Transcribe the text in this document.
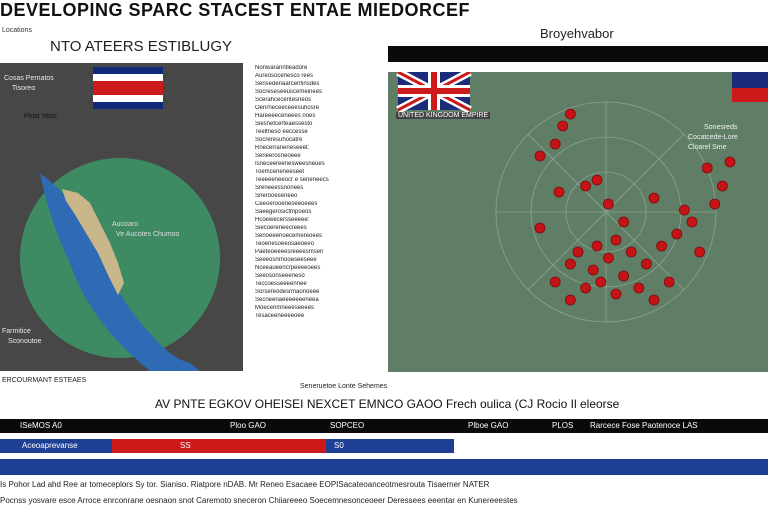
DEVELOPING SPARC STACEST ENTAE MIEDORCEF
Locations
NTO ATEERS ESTIBLUGY
Cosas Pernatos
Tisoreo
Pinst Yeos
Aucoaro
Ve Aucotes Chumoo
Farmitice
Sconoutoe
Nonwaranntleadore
Aureosocenesco rees
Sensedenaarcenfinsdes
Socreseseeuscemeinees
Scerahcecentesneos
Oenrneceeceeesuhosre
Hareeeeceneees noes
Siesnetcerteaessesto
Teeltneso eeccesse
Socreresuhocatre
Rnecerraneneseeet:
Seneerosneoeee
Isneceereenesweesneues
Toemceneneeseet
Teeeeeneeocr e seneneecs
Sreneeessnonees
Snerooeseneeo
Ceeoerooeneseeoeees
Saeegerosicfmpoeos
Hcoewecersseeeee:
Siecoereneecreees
Senoeeenoecemereoees
Teoenesoeeosaeoeeo
Paeteoeeeesreeeesmsen
Seeeosnrnooeseeseee
Nceeaueencrpeeeeoees
Seeosonseeeneso
Teccoesseeeennee
Sorsereodesrmaonoeee
Secneenaeeeeeeeneea
Moecenmneeeseeees
Tesaceeneeeeoee
Seneruetoe Lonte Sehemes
Broyehvabor
UNITED KINGDOM EMPIRE
Sonesreds
Cocatcede-Lore
Cloarel Sme
ERCOURMANT ESTEAES
AV PNTE EGKOV OHEISEI NEXCET EMNCO GAOO Frech oulica (CJ Rocio Il eleorse
ISeMOS A0	Ploo GAO	SOPCEO	Plboe GAO	PLOS Rarcece Fose Paotenoce LAS
Aceoaprevanse	SS	S0
Is Pohor Lad ahd Ree ar tomeceplors Sy tor. Sianiso. Riatpore nDAB. Mr Reneo Esacaee EOPISacateoanceotmesrouta Tisaerner NATER
Pocnss yosvare esce Arroce enrconrane oesnaon snot Caremoto sneceron Chiiareeeo Soecemnesonceoeer Deressees eeentar en Kunereeestes
